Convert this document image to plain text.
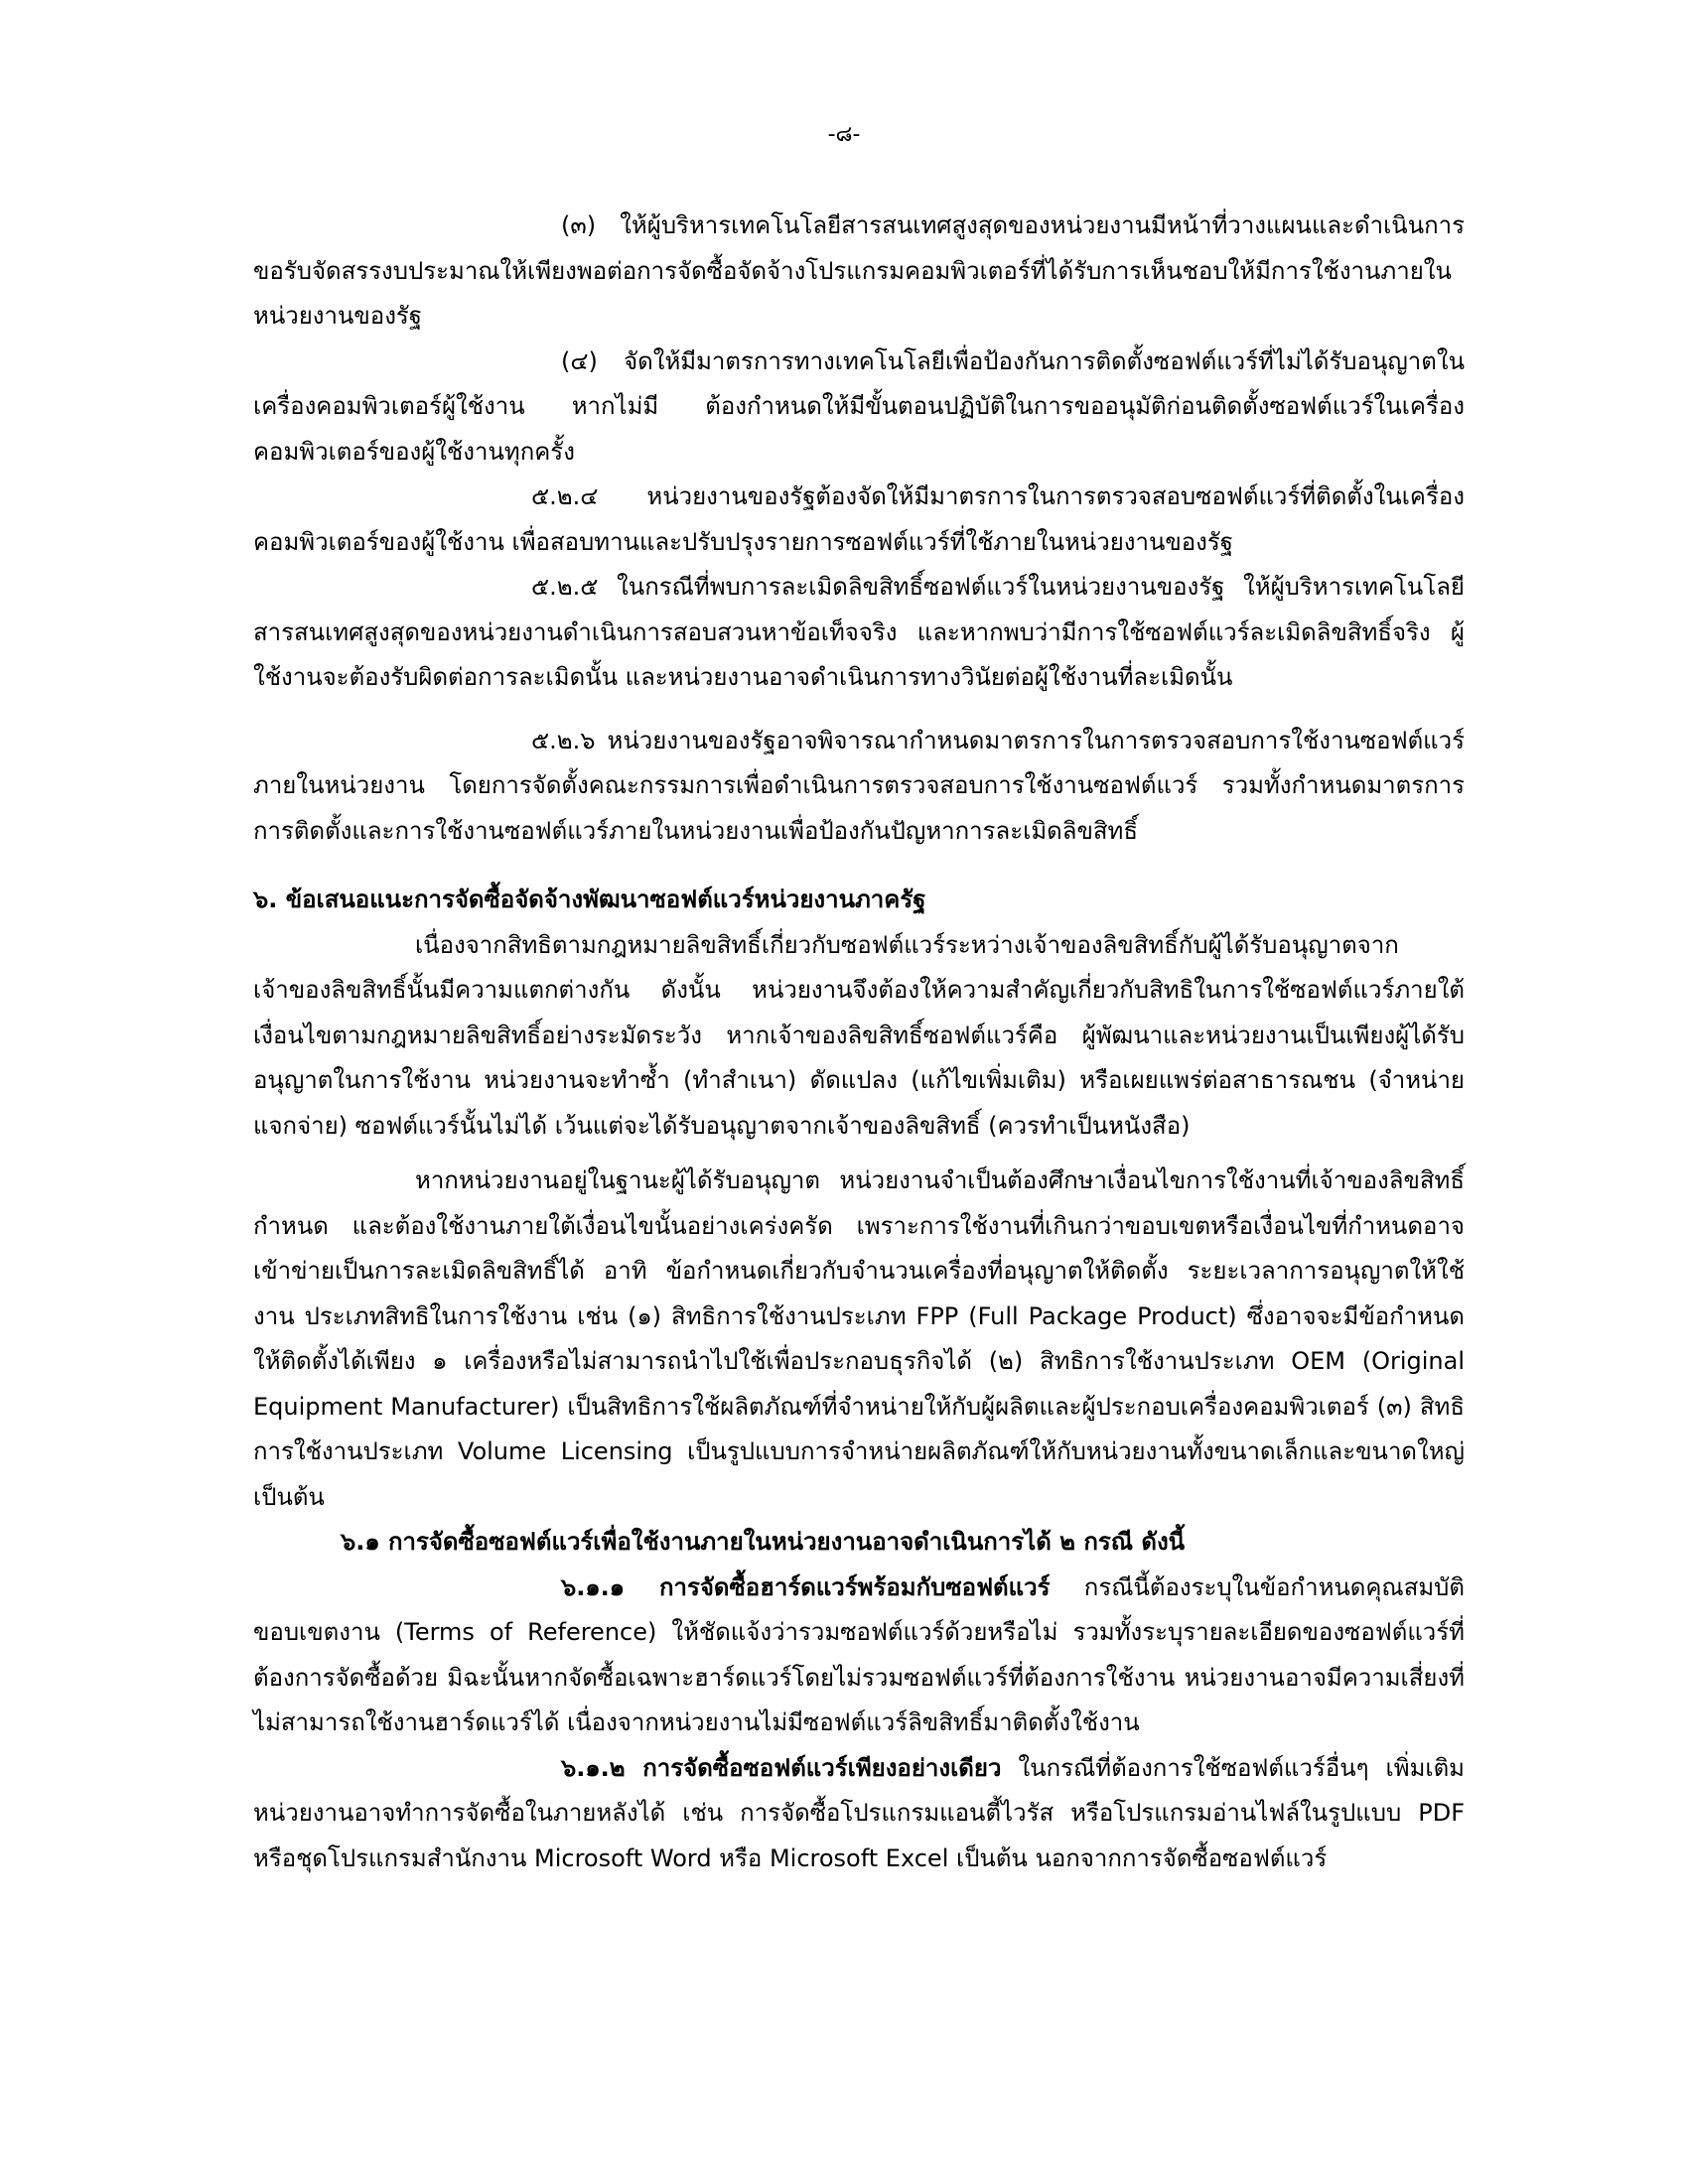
-๘-

(๓) ให้ผู้บริหารเทคโนโลยีสารสนเทศสูงสุดของหน่วยงานมีหน้าที่วางแผนและดำเนินการขอรับจัดสรรงบประมาณให้เพียงพอต่อการจัดซื้อจัดจ้างโปรแกรมคอมพิวเตอร์ที่ได้รับการเห็นชอบให้มีการใช้งานภายในหน่วยงานของรัฐ

(๔) จัดให้มีมาตรการทางเทคโนโลยีเพื่อป้องกันการติดตั้งซอฟต์แวร์ที่ไม่ได้รับอนุญาตในเครื่องคอมพิวเตอร์ผู้ใช้งาน หากไม่มี ต้องกำหนดให้มีขั้นตอนปฏิบัติในการขออนุมัติก่อนติดตั้งซอฟต์แวร์ในเครื่องคอมพิวเตอร์ของผู้ใช้งานทุกครั้ง

๕.๒.๔ หน่วยงานของรัฐต้องจัดให้มีมาตรการในการตรวจสอบซอฟต์แวร์ที่ติดตั้งในเครื่องคอมพิวเตอร์ของผู้ใช้งาน เพื่อสอบทานและปรับปรุงรายการซอฟต์แวร์ที่ใช้ภายในหน่วยงานของรัฐ

๕.๒.๕ ในกรณีที่พบการละเมิดลิขสิทธิ์ซอฟต์แวร์ในหน่วยงานของรัฐ ให้ผู้บริหารเทคโนโลยีสารสนเทศสูงสุดของหน่วยงานดำเนินการสอบสวนหาข้อเท็จจริง และหากพบว่ามีการใช้ซอฟต์แวร์ละเมิดลิขสิทธิ์จริง ผู้ใช้งานจะต้องรับผิดต่อการละเมิดนั้น และหน่วยงานอาจดำเนินการทางวินัยต่อผู้ใช้งานที่ละเมิดนั้น

๕.๒.๖ หน่วยงานของรัฐอาจพิจารณากำหนดมาตรการในการตรวจสอบการใช้งานซอฟต์แวร์ภายในหน่วยงาน โดยการจัดตั้งคณะกรรมการเพื่อดำเนินการตรวจสอบการใช้งานซอฟต์แวร์ รวมทั้งกำหนดมาตรการการติดตั้งและการใช้งานซอฟต์แวร์ภายในหน่วยงานเพื่อป้องกันปัญหาการละเมิดลิขสิทธิ์

๖. ข้อเสนอแนะการจัดซื้อจัดจ้างพัฒนาซอฟต์แวร์หน่วยงานภาครัฐ

เนื่องจากสิทธิตามกฎหมายลิขสิทธิ์เกี่ยวกับซอฟต์แวร์ระหว่างเจ้าของลิขสิทธิ์กับผู้ได้รับอนุญาตจากเจ้าของลิขสิทธิ์นั้นมีความแตกต่างกัน ดังนั้น หน่วยงานจึงต้องให้ความสำคัญเกี่ยวกับสิทธิในการใช้ซอฟต์แวร์ภายใต้เงื่อนไขตามกฎหมายลิขสิทธิ์อย่างระมัดระวัง หากเจ้าของลิขสิทธิ์ซอฟต์แวร์คือ ผู้พัฒนาและหน่วยงานเป็นเพียงผู้ได้รับอนุญาตในการใช้งาน หน่วยงานจะทำซ้ำ (ทำสำเนา) ดัดแปลง (แก้ไขเพิ่มเติม) หรือเผยแพร่ต่อสาธารณชน (จำหน่าย แจกจ่าย) ซอฟต์แวร์นั้นไม่ได้ เว้นแต่จะได้รับอนุญาตจากเจ้าของลิขสิทธิ์ (ควรทำเป็นหนังสือ)

หากหน่วยงานอยู่ในฐานะผู้ได้รับอนุญาต หน่วยงานจำเป็นต้องศึกษาเงื่อนไขการใช้งานที่เจ้าของลิขสิทธิ์กำหนด และต้องใช้งานภายใต้เงื่อนไขนั้นอย่างเคร่งครัด เพราะการใช้งานที่เกินกว่าขอบเขตหรือเงื่อนไขที่กำหนดอาจเข้าข่ายเป็นการละเมิดลิขสิทธิ์ได้ อาทิ ข้อกำหนดเกี่ยวกับจำนวนเครื่องที่อนุญาตให้ติดตั้ง ระยะเวลาการอนุญาตให้ใช้งาน ประเภทสิทธิในการใช้งาน เช่น (๑) สิทธิการใช้งานประเภท FPP (Full Package Product) ซึ่งอาจจะมีข้อกำหนดให้ติดตั้งได้เพียง ๑ เครื่องหรือไม่สามารถนำไปใช้เพื่อประกอบธุรกิจได้ (๒) สิทธิการใช้งานประเภท OEM (Original Equipment Manufacturer) เป็นสิทธิการใช้ผลิตภัณฑ์ที่จำหน่ายให้กับผู้ผลิตและผู้ประกอบเครื่องคอมพิวเตอร์ (๓) สิทธิการใช้งานประเภท Volume Licensing เป็นรูปแบบการจำหน่ายผลิตภัณฑ์ให้กับหน่วยงานทั้งขนาดเล็กและขนาดใหญ่ เป็นต้น

๖.๑ การจัดซื้อซอฟต์แวร์เพื่อใช้งานภายในหน่วยงานอาจดำเนินการได้ ๒ กรณี ดังนี้

๖.๑.๑ การจัดซื้อฮาร์ดแวร์พร้อมกับซอฟต์แวร์ กรณีนี้ต้องระบุในข้อกำหนดคุณสมบัติขอบเขตงาน (Terms of Reference) ให้ชัดแจ้งว่ารวมซอฟต์แวร์ด้วยหรือไม่ รวมทั้งระบุรายละเอียดของซอฟต์แวร์ที่ต้องการจัดซื้อด้วย มิฉะนั้นหากจัดซื้อเฉพาะฮาร์ดแวร์โดยไม่รวมซอฟต์แวร์ที่ต้องการใช้งาน หน่วยงานอาจมีความเสี่ยงที่ไม่สามารถใช้งานฮาร์ดแวร์ได้ เนื่องจากหน่วยงานไม่มีซอฟต์แวร์ลิขสิทธิ์มาติดตั้งใช้งาน

๖.๑.๒ การจัดซื้อซอฟต์แวร์เพียงอย่างเดียว ในกรณีที่ต้องการใช้ซอฟต์แวร์อื่นๆ เพิ่มเติม หน่วยงานอาจทำการจัดซื้อในภายหลังได้ เช่น การจัดซื้อโปรแกรมแอนตี้ไวรัส หรือโปรแกรมอ่านไฟล์ในรูปแบบ PDF หรือชุดโปรแกรมสำนักงาน Microsoft Word หรือ Microsoft Excel เป็นต้น นอกจากการจัดซื้อซอฟต์แวร์
